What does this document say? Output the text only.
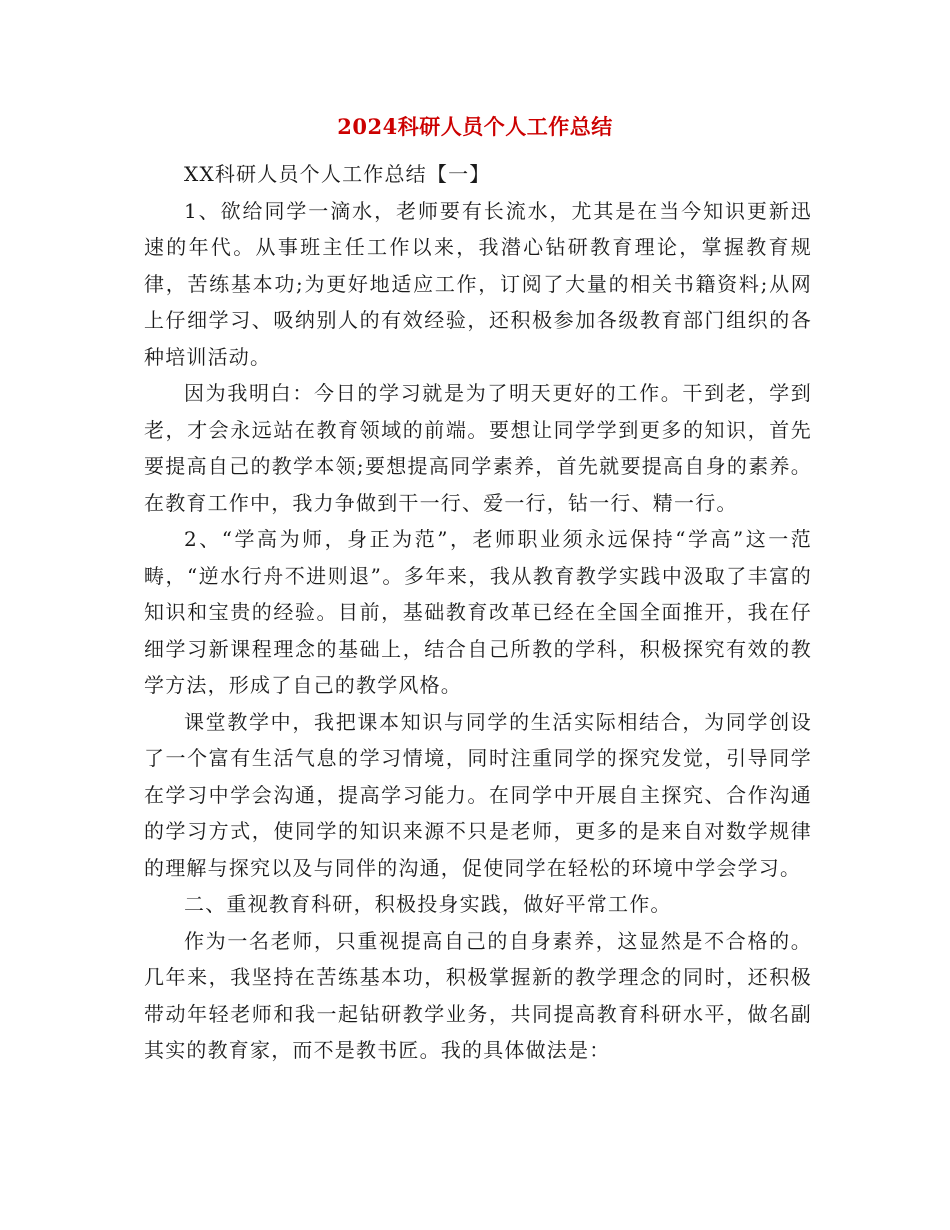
2024科研人员个人工作总结

XX科研人员个人工作总结【一】

1、欲给同学一滴水，老师要有长流水，尤其是在当今知识更新迅速的年代。从事班主任工作以来，我潜心钻研教育理论，掌握教育规律，苦练基本功;为更好地适应工作，订阅了大量的相关书籍资料;从网上仔细学习、吸纳别人的有效经验，还积极参加各级教育部门组织的各种培训活动。

因为我明白：今日的学习就是为了明天更好的工作。干到老，学到老，才会永远站在教育领域的前端。要想让同学学到更多的知识，首先要提高自己的教学本领;要想提高同学素养，首先就要提高自身的素养。在教育工作中，我力争做到干一行、爱一行，钻一行、精一行。

2、“学高为师，身正为范”，老师职业须永远保持“学高”这一范畴，“逆水行舟不进则退”。多年来，我从教育教学实践中汲取了丰富的知识和宝贵的经验。目前，基础教育改革已经在全国全面推开，我在仔细学习新课程理念的基础上，结合自己所教的学科，积极探究有效的教学方法，形成了自己的教学风格。

课堂教学中，我把课本知识与同学的生活实际相结合，为同学创设了一个富有生活气息的学习情境，同时注重同学的探究发觉，引导同学在学习中学会沟通，提高学习能力。在同学中开展自主探究、合作沟通的学习方式，使同学的知识来源不只是老师，更多的是来自对数学规律的理解与探究以及与同伴的沟通，促使同学在轻松的环境中学会学习。

二、重视教育科研，积极投身实践，做好平常工作。

作为一名老师，只重视提高自己的自身素养，这显然是不合格的。几年来，我坚持在苦练基本功，积极掌握新的教学理念的同时，还积极带动年轻老师和我一起钻研教学业务，共同提高教育科研水平，做名副其实的教育家，而不是教书匠。我的具体做法是：
